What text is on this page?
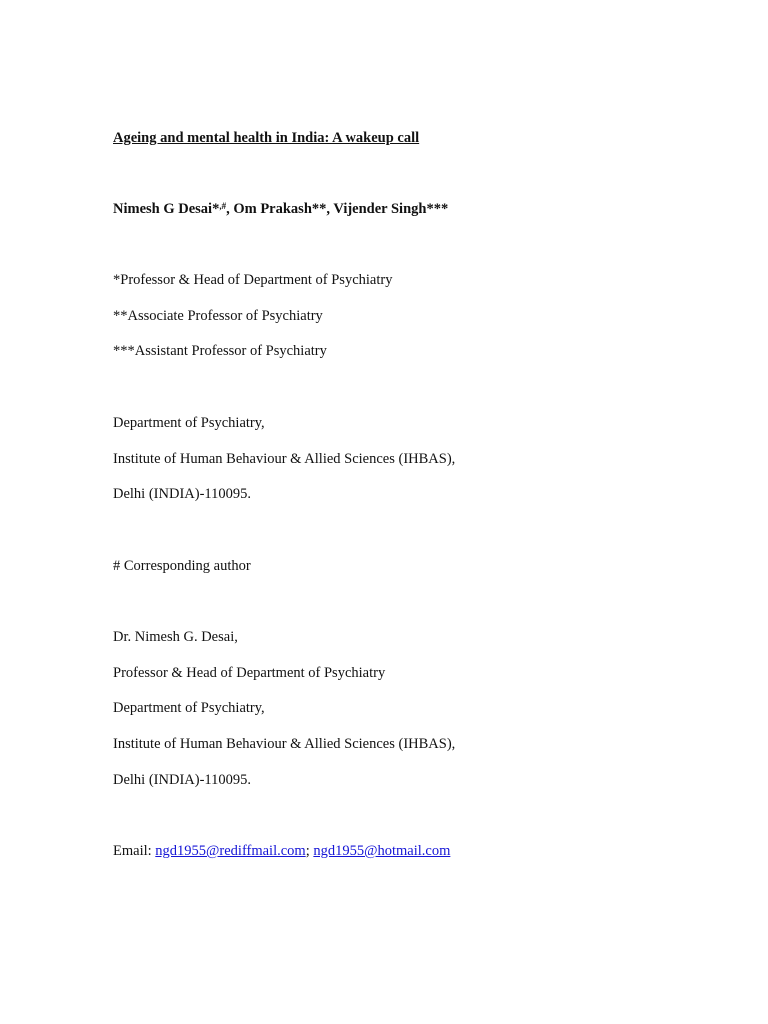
Ageing and mental health in India: A wakeup call
Nimesh G Desai*,#, Om Prakash**, Vijender Singh***
*Professor & Head of Department of Psychiatry
**Associate Professor of Psychiatry
***Assistant Professor of Psychiatry
Department of Psychiatry,
Institute of Human Behaviour & Allied Sciences (IHBAS),
Delhi (INDIA)-110095.
# Corresponding author
Dr. Nimesh G. Desai,
Professor & Head of Department of Psychiatry
Department of Psychiatry,
Institute of Human Behaviour & Allied Sciences (IHBAS),
Delhi (INDIA)-110095.
Email: ngd1955@rediffmail.com; ngd1955@hotmail.com
